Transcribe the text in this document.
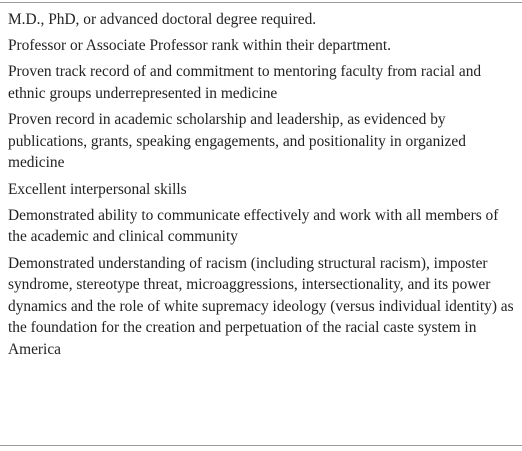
M.D., PhD, or advanced doctoral degree required.
Professor or Associate Professor rank within their department.
Proven track record of and commitment to mentoring faculty from racial and ethnic groups underrepresented in medicine
Proven record in academic scholarship and leadership, as evidenced by publications, grants, speaking engagements, and positionality in organized medicine
Excellent interpersonal skills
Demonstrated ability to communicate effectively and work with all members of the academic and clinical community
Demonstrated understanding of racism (including structural racism), imposter syndrome, stereotype threat, microaggressions, intersectionality, and its power dynamics and the role of white supremacy ideology (versus individual identity) as the foundation for the creation and perpetuation of the racial caste system in America
